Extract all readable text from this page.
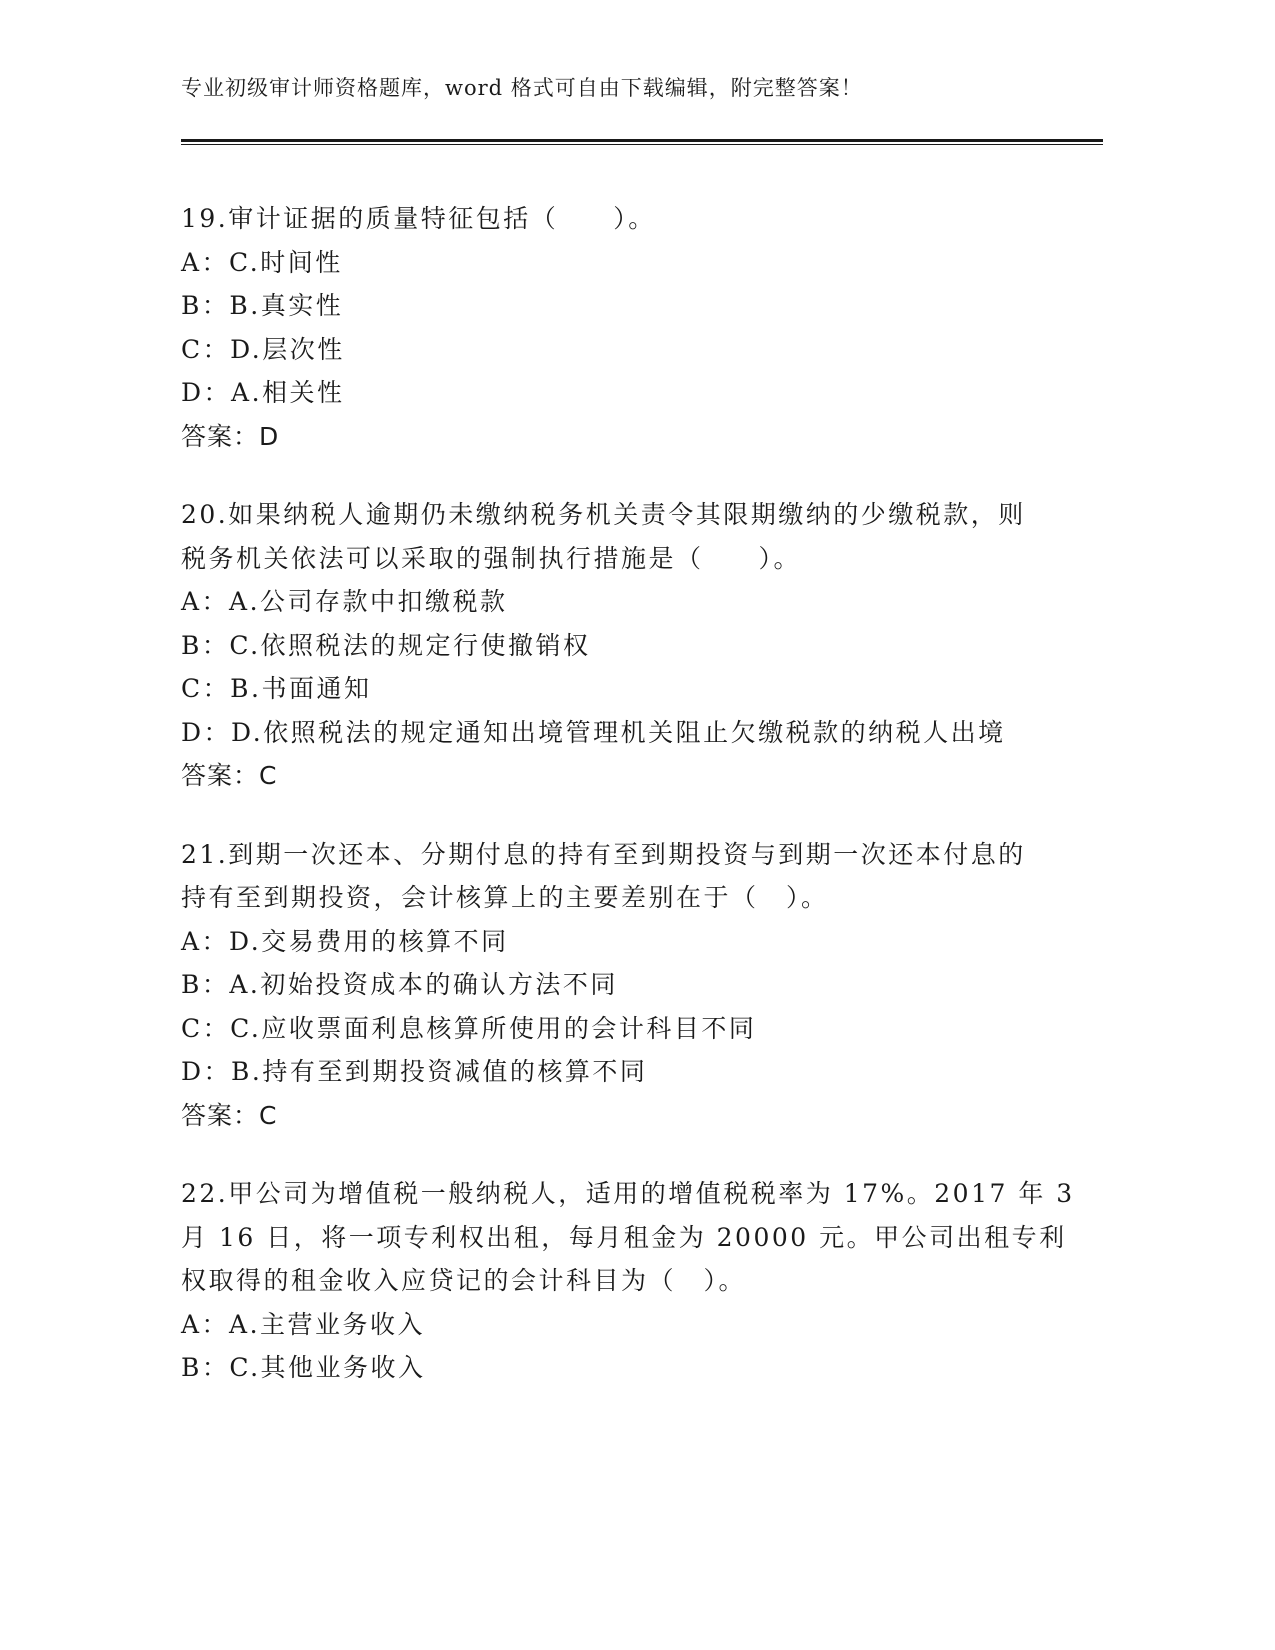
专业初级审计师资格题库，word 格式可自由下载编辑，附完整答案！
19.审计证据的质量特征包括（　　）。
A：C.时间性
B：B.真实性
C：D.层次性
D：A.相关性
答案：D
20.如果纳税人逾期仍未缴纳税务机关责令其限期缴纳的少缴税款，则
税务机关依法可以采取的强制执行措施是（　　）。
A：A.公司存款中扣缴税款
B：C.依照税法的规定行使撤销权
C：B.书面通知
D：D.依照税法的规定通知出境管理机关阻止欠缴税款的纳税人出境
答案：C
21.到期一次还本、分期付息的持有至到期投资与到期一次还本付息的
持有至到期投资，会计核算上的主要差别在于（　）。
A：D.交易费用的核算不同
B：A.初始投资成本的确认方法不同
C：C.应收票面利息核算所使用的会计科目不同
D：B.持有至到期投资减值的核算不同
答案：C
22.甲公司为增值税一般纳税人，适用的增值税税率为 17%。2017 年 3
月 16 日，将一项专利权出租，每月租金为 20000 元。甲公司出租专利
权取得的租金收入应贷记的会计科目为（　）。
A：A.主营业务收入
B：C.其他业务收入
